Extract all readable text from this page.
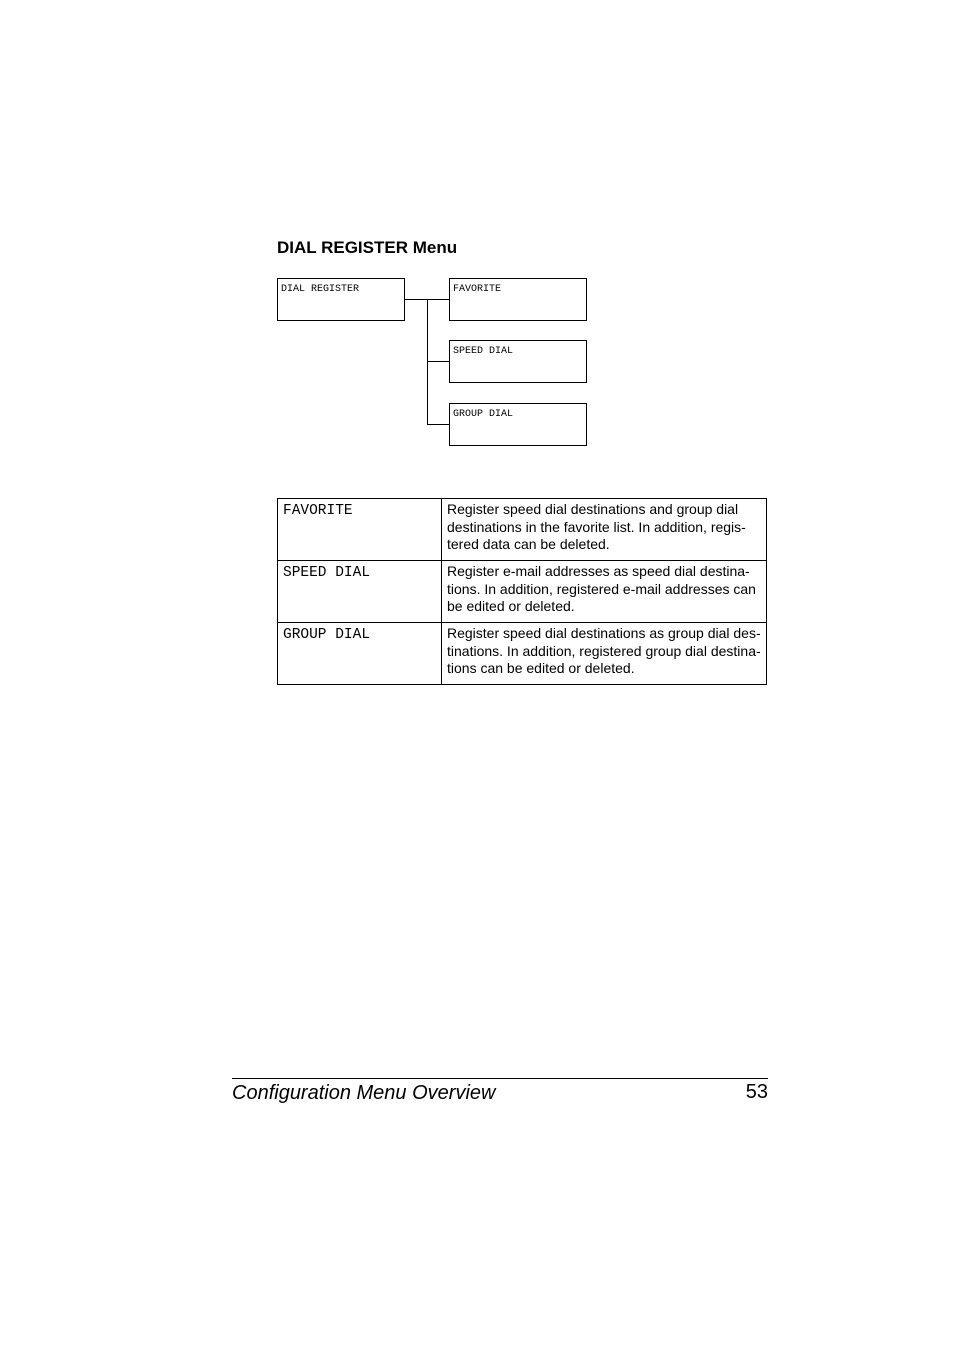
DIAL REGISTER Menu
DIAL REGISTER	FAVORITE
SPEED DIAL
GROUP DIAL
FAVORITE	Register speed dial destinations and group dial destinations in the favorite list. In addition, regis-tered data can be deleted.
SPEED DIAL	Register e-mail addresses as speed dial destina-tions. In addition, registered e-mail addresses can be edited or deleted.
GROUP DIAL	Register speed dial destinations as group dial des-tinations. In addition, registered group dial destina-tions can be edited or deleted.
Configuration Menu Overview	53
